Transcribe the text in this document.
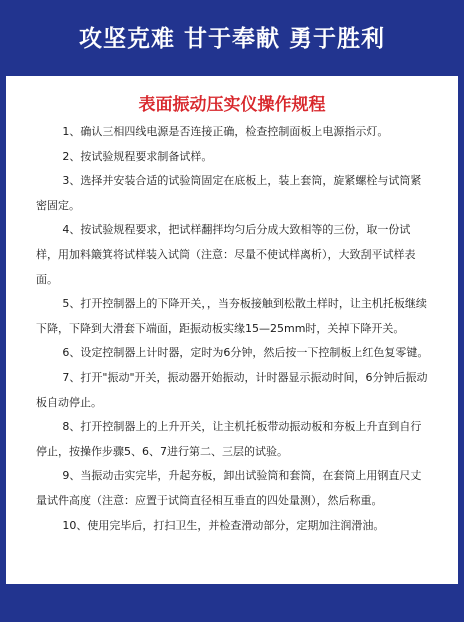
攻坚克难 甘于奉献 勇于胜利
表面振动压实仪操作规程
1、确认三相四线电源是否连接正确，检查控制面板上电源指示灯。
2、按试验规程要求制备试样。
3、选择并安装合适的试验筒固定在底板上，装上套筒，旋紧螺栓与试筒紧密固定。
4、按试验规程要求，把试样翻拌均匀后分成大致相等的三份，取一份试样，用加料簸箕将试样装入试筒（注意：尽量不使试样离析），大致刮平试样表面。
5、打开控制器上的下降开关，，当夯板接触到松散土样时，让主机托板继续下降，下降到大滑套下端面，距振动板实缘15—25mm时，关掉下降开关。
6、设定控制器上计时器，定时为6分钟，然后按一下控制板上红色复零键。
7、打开"振动"开关，振动器开始振动，计时器显示振动时间，6分钟后振动板自动停止。
8、打开控制器上的上升开关，让主机托板带动振动板和夯板上升直到自行停止，按操作步骤5、6、7进行第二、三层的试验。
9、当振动击实完毕，升起夯板，卸出试验筒和套筒，在套筒上用钢直尺丈量试件高度（注意：应置于试筒直径相互垂直的四处量测），然后称重。
10、使用完毕后，打扫卫生，并检查滑动部分，定期加注润滑油。
